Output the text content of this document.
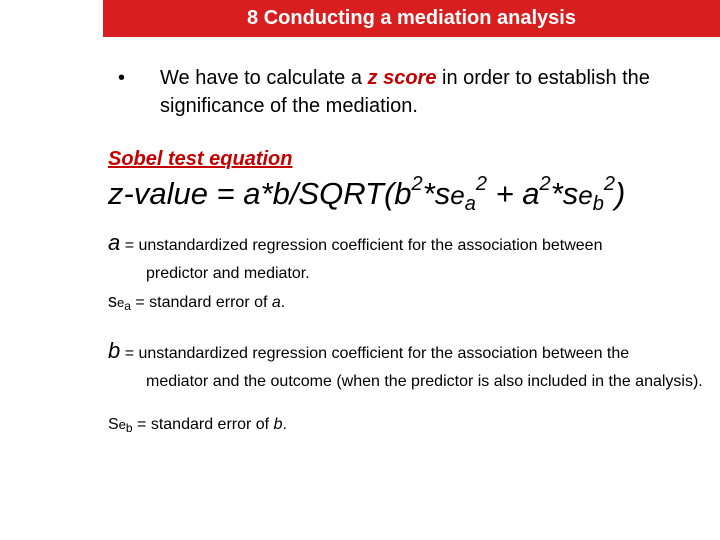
8 Conducting a mediation analysis
• We have to calculate a z score in order to establish the significance of the mediation.
Sobel test equation
z-value = $a*b/SQRT(b^2*se_a^2 + a^2*se_b^2)$
a = unstandardized regression coefficient for the association between
predictor and mediator.
sea = standard error of a.
b = unstandardized regression coefficient for the association between the
mediator and the outcome (when the predictor is also included in the analysis).
Seb = standard error of b.
